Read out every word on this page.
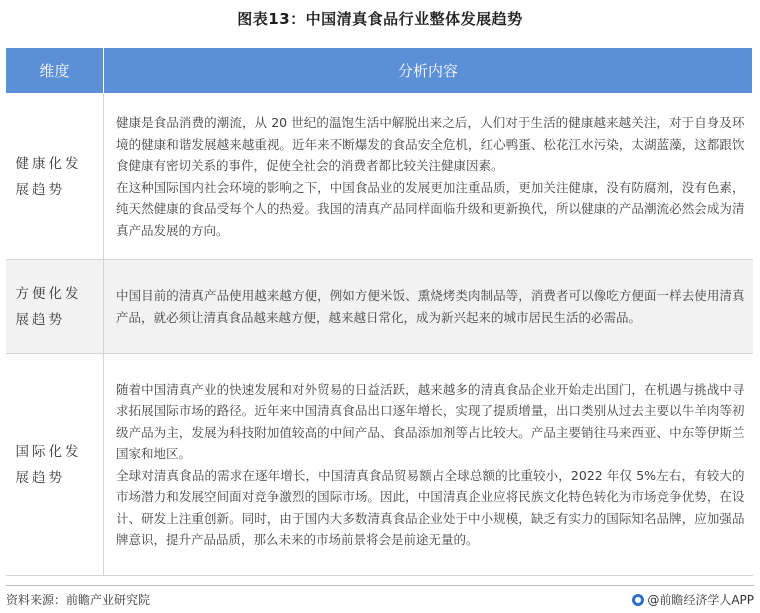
图表13：中国清真食品行业整体发展趋势
维度	分析内容
健康化发展趋势	健康是食品消费的潮流，从 20 世纪的温饱生活中解脱出来之后，人们对于生活的健康越来越关注，对于自身及环境的健康和谐发展越来越重视。近年来不断爆发的食品安全危机，红心鸭蛋、松花江水污染，太湖蓝藻，这都跟饮食健康有密切关系的事件，促使全社会的消费者都比较关注健康因素。
在这种国际国内社会环境的影响之下，中国食品业的发展更加注重品质，更加关注健康，没有防腐剂，没有色素，纯天然健康的食品受每个人的热爱。我国的清真产品同样面临升级和更新换代，所以健康的产品潮流必然会成为清真产品发展的方向。

方便化发展趋势	中国目前的清真产品使用越来越方便，例如方便米饭、熏烧烤类肉制品等，消费者可以像吃方便面一样去使用清真产品，就必须让清真食品越来越方便，越来越日常化，成为新兴起来的城市居民生活的必需品。

国际化发展趋势	随着中国清真产业的快速发展和对外贸易的日益活跃，越来越多的清真食品企业开始走出国门，在机遇与挑战中寻求拓展国际市场的路径。近年来中国清真食品出口逐年增长，实现了提质增量，出口类别从过去主要以牛羊肉等初级产品为主，发展为科技附加值较高的中间产品、食品添加剂等占比较大。产品主要销往马来西亚、中东等伊斯兰国家和地区。
全球对清真食品的需求在逐年增长，中国清真食品贸易额占全球总额的比重较小，2022 年仅 5%左右，有较大的市场潜力和发展空间面对竞争激烈的国际市场。因此，中国清真企业应将民族文化特色转化为市场竞争优势，在设计、研发上注重创新。同时，由于国内大多数清真食品企业处于中小规模，缺乏有实力的国际知名品牌，应加强品牌意识，提升产品品质，那么未来的市场前景将会是前途无量的。
资料来源：前瞻产业研究院	@前瞻经济学人APP
